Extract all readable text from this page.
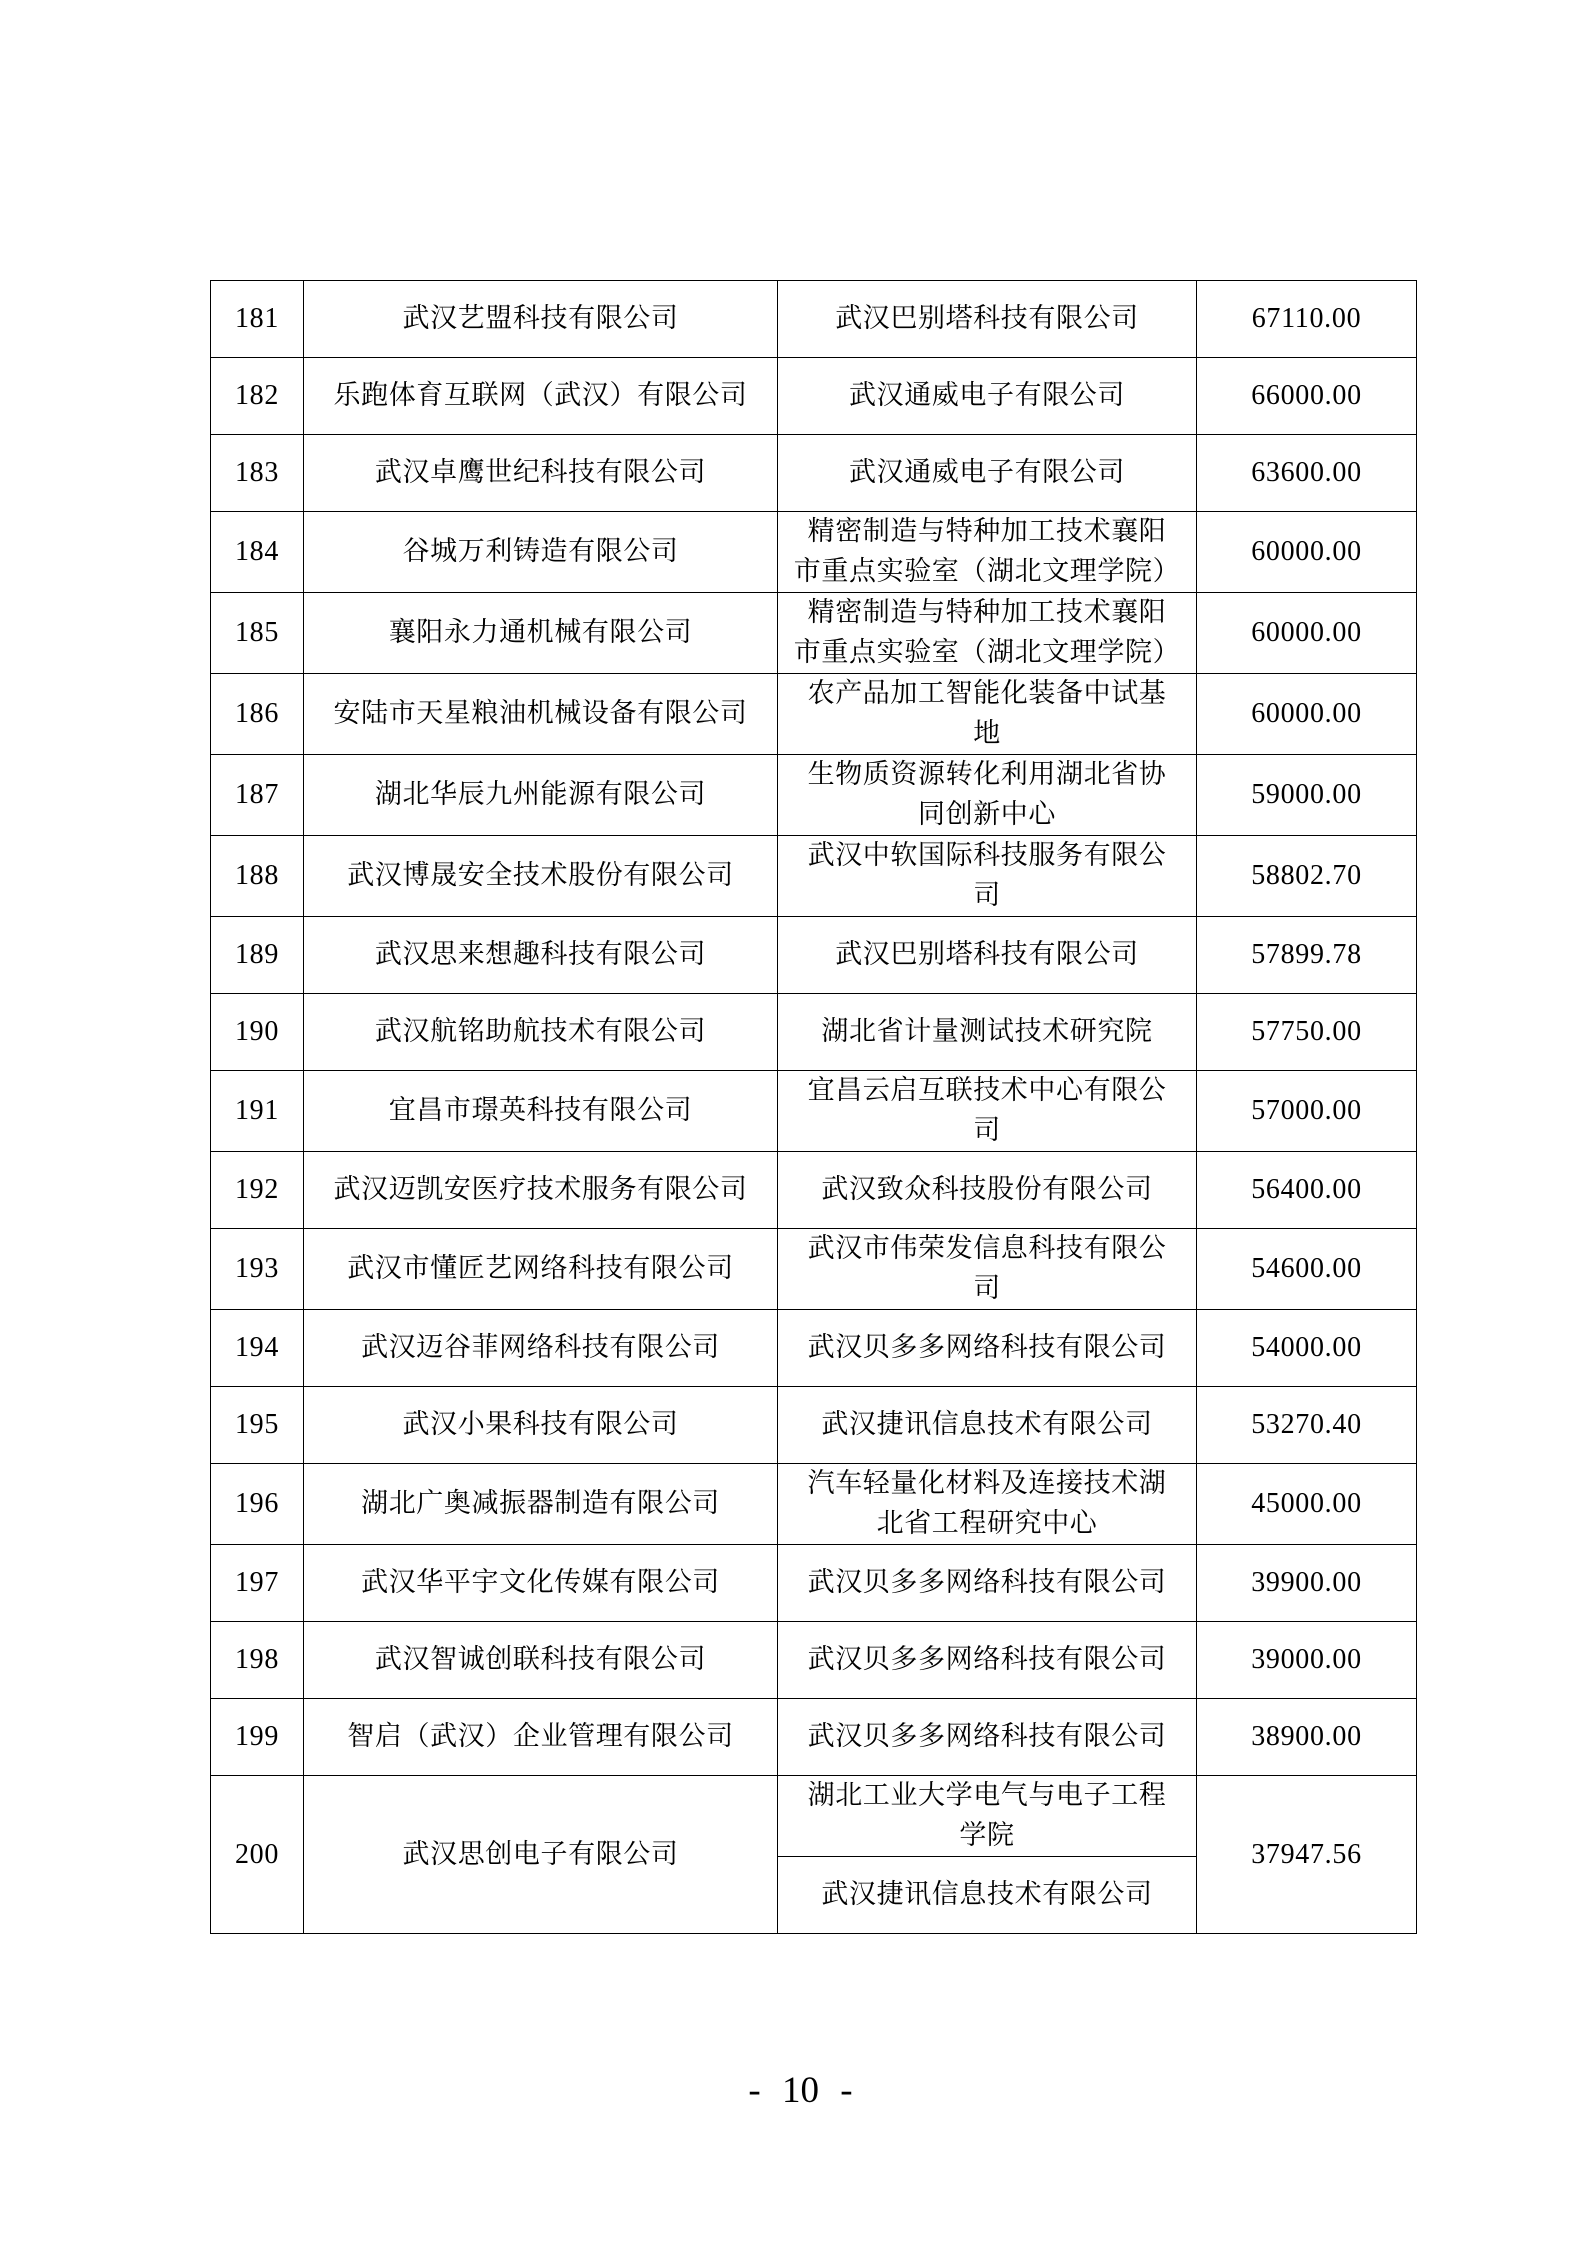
181	武汉艺盟科技有限公司	武汉巴别塔科技有限公司	67110.00
182	乐跑体育互联网（武汉）有限公司	武汉通威电子有限公司	66000.00
183	武汉卓鹰世纪科技有限公司	武汉通威电子有限公司	63600.00
184	谷城万利铸造有限公司	精密制造与特种加工技术襄阳
市重点实验室（湖北文理学院）	60000.00
185	襄阳永力通机械有限公司	精密制造与特种加工技术襄阳
市重点实验室（湖北文理学院）	60000.00
186	安陆市天星粮油机械设备有限公司	农产品加工智能化装备中试基
地	60000.00
187	湖北华辰九州能源有限公司	生物质资源转化利用湖北省协
同创新中心	59000.00
188	武汉博晟安全技术股份有限公司	武汉中软国际科技服务有限公
司	58802.70
189	武汉思来想趣科技有限公司	武汉巴别塔科技有限公司	57899.78
190	武汉航铭助航技术有限公司	湖北省计量测试技术研究院	57750.00
191	宜昌市璟英科技有限公司	宜昌云启互联技术中心有限公
司	57000.00
192	武汉迈凯安医疗技术服务有限公司	武汉致众科技股份有限公司	56400.00
193	武汉市懂匠艺网络科技有限公司	武汉市伟荣发信息科技有限公
司	54600.00
194	武汉迈谷菲网络科技有限公司	武汉贝多多网络科技有限公司	54000.00
195	武汉小果科技有限公司	武汉捷讯信息技术有限公司	53270.40
196	湖北广奥减振器制造有限公司	汽车轻量化材料及连接技术湖
北省工程研究中心	45000.00
197	武汉华平宇文化传媒有限公司	武汉贝多多网络科技有限公司	39900.00
198	武汉智诚创联科技有限公司	武汉贝多多网络科技有限公司	39000.00
199	智启（武汉）企业管理有限公司	武汉贝多多网络科技有限公司	38900.00
200	武汉思创电子有限公司	湖北工业大学电气与电子工程
学院	37947.56
		武汉捷讯信息技术有限公司	
- 10 -
